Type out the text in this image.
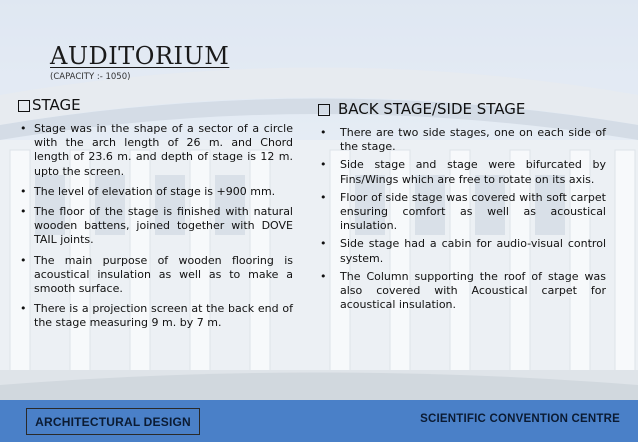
AUDITORIUM
(CAPACITY :- 1050)
STAGE
• Stage was in the shape of a sector of a circle with the arch length of 26 m. and Chord length of 23.6 m. and depth of stage is 12 m. upto the screen.
• The level of elevation of stage is +900 mm.
• The floor of the stage is finished with natural wooden battens, joined together with DOVE TAIL joints.
• The main purpose of wooden flooring is acoustical insulation as well as to make a smooth surface.
• There is a projection screen at the back end of the stage measuring 9 m. by 7 m.
BACK STAGE/SIDE STAGE
• There are two side stages, one on each side of the stage.
• Side stage and stage were bifurcated by Fins/Wings which are free to rotate on its axis.
• Floor of side stage was covered with soft carpet ensuring comfort as well as acoustical insulation.
• Side stage had a cabin for audio-visual control system.
• The Column supporting the roof of stage was also covered with Acoustical carpet for acoustical insulation.
ARCHITECTURAL DESIGN	SCIENTIFIC CONVENTION CENTRE
